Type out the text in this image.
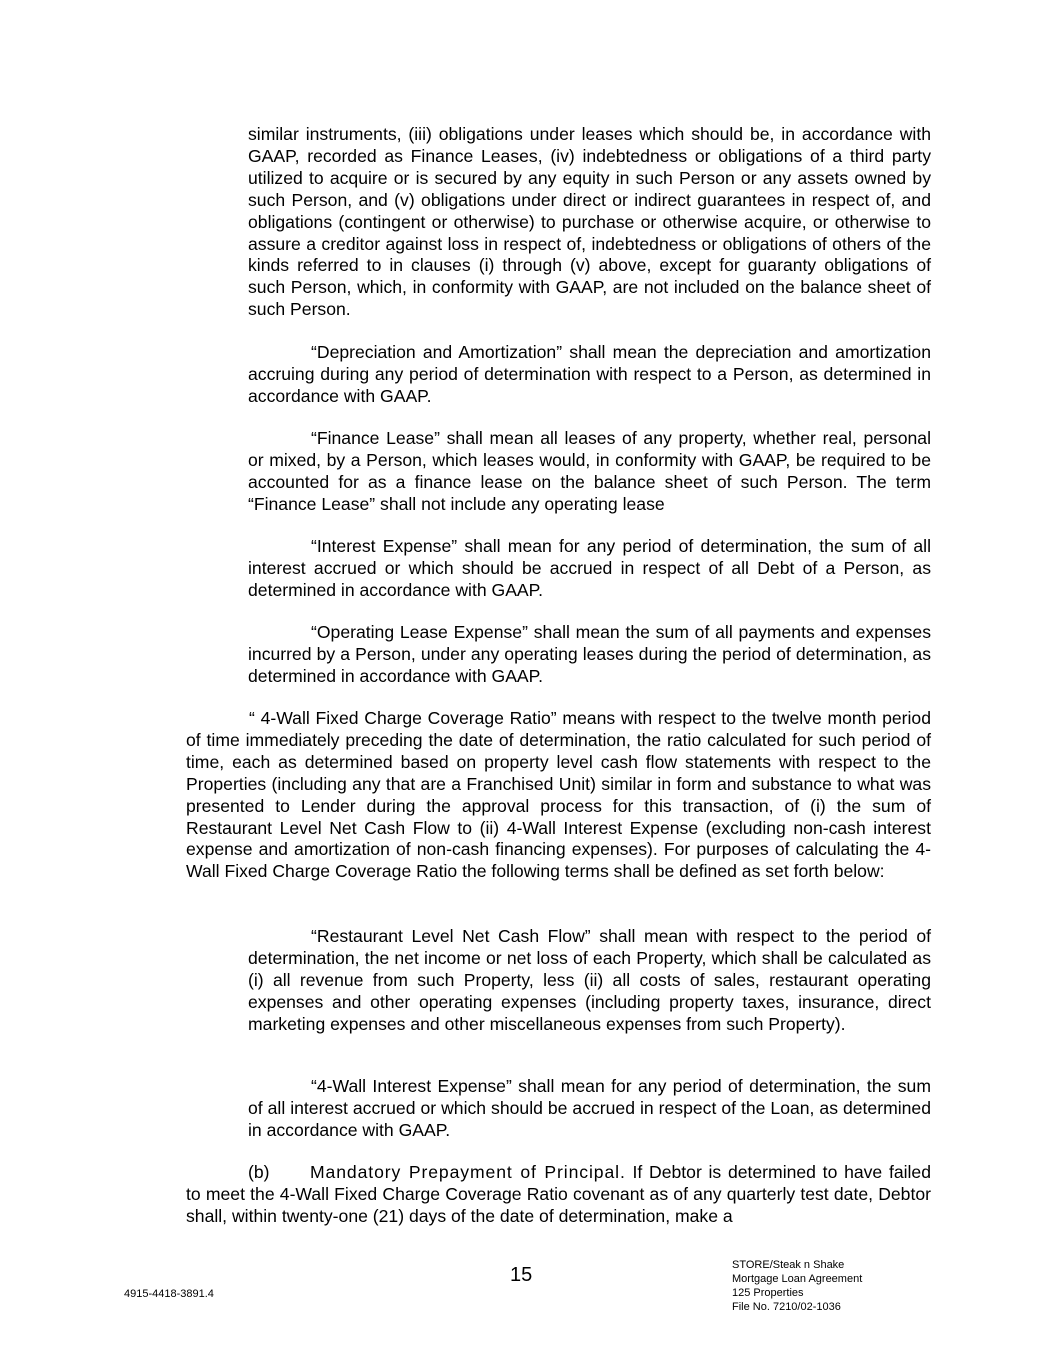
similar instruments, (iii) obligations under leases which should be, in accordance with GAAP, recorded as Finance Leases, (iv) indebtedness or obligations of a third party utilized to acquire or is secured by any equity in such Person or any assets owned by such Person, and (v) obligations under direct or indirect guarantees in respect of, and obligations (contingent or otherwise) to purchase or otherwise acquire, or otherwise to assure a creditor against loss in respect of, indebtedness or obligations of others of the kinds referred to in clauses (i) through (v) above, except for guaranty obligations of such Person, which, in conformity with GAAP, are not included on the balance sheet of such Person.

“Depreciation and Amortization” shall mean the depreciation and amortization accruing during any period of determination with respect to a Person, as determined in accordance with GAAP.

“Finance Lease” shall mean all leases of any property, whether real, personal or mixed, by a Person, which leases would, in conformity with GAAP, be required to be accounted for as a finance lease on the balance sheet of such Person. The term “Finance Lease” shall not include any operating lease

“Interest Expense” shall mean for any period of determination, the sum of all interest accrued or which should be accrued in respect of all Debt of a Person, as determined in accordance with GAAP.

“Operating Lease Expense” shall mean the sum of all payments and expenses incurred by a Person, under any operating leases during the period of determination, as determined in accordance with GAAP.

“ 4-Wall Fixed Charge Coverage Ratio” means with respect to the twelve month period of time immediately preceding the date of determination, the ratio calculated for such period of time, each as determined based on property level cash flow statements with respect to the Properties (including any that are a Franchised Unit) similar in form and substance to what was presented to Lender during the approval process for this transaction, of (i) the sum of Restaurant Level Net Cash Flow to (ii) 4-Wall Interest Expense (excluding non-cash interest expense and amortization of non-cash financing expenses). For purposes of calculating the 4-Wall Fixed Charge Coverage Ratio the following terms shall be defined as set forth below:

“Restaurant Level Net Cash Flow” shall mean with respect to the period of determination, the net income or net loss of each Property, which shall be calculated as (i) all revenue from such Property, less (ii) all costs of sales, restaurant operating expenses and other operating expenses (including property taxes, insurance, direct marketing expenses and other miscellaneous expenses from such Property).

“4-Wall Interest Expense” shall mean for any period of determination, the sum of all interest accrued or which should be accrued in respect of the Loan, as determined in accordance with GAAP.

(b) Mandatory Prepayment of Principal. If Debtor is determined to have failed to meet the 4-Wall Fixed Charge Coverage Ratio covenant as of any quarterly test date, Debtor shall, within twenty-one (21) days of the date of determination, make a

15
4915-4418-3891.4
STORE/Steak n Shake
Mortgage Loan Agreement
125 Properties
File No. 7210/02-1036
